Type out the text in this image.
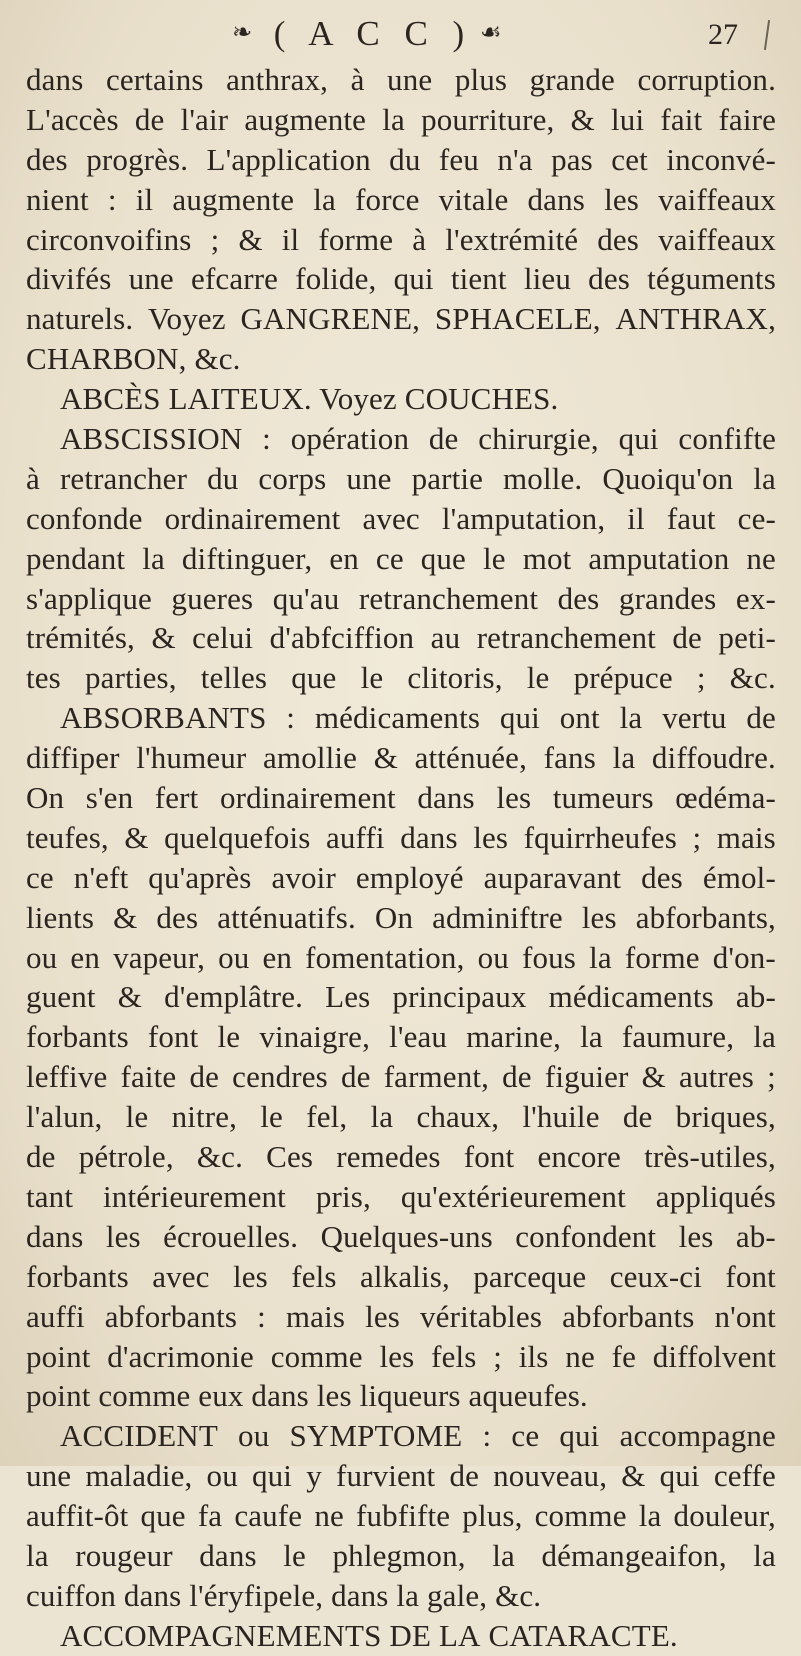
❧ ( A C C ) ☙	27
dans certains anthrax, à une plus grande corruption.
L'accès de l'air augmente la pourriture, & lui fait faire
des progrès. L'application du feu n'a pas cet inconvé-
nient : il augmente la force vitale dans les vaiffeaux
circonvoifins ; & il forme à l'extrémité des vaiffeaux
divifés une efcarre folide, qui tient lieu des téguments
naturels. Voyez GANGRENE, SPHACELE, ANTHRAX,
CHARBON, &c.
ABCÈS LAITEUX. Voyez COUCHES.
ABSCISSION : opération de chirurgie, qui confifte
à retrancher du corps une partie molle. Quoiqu'on la
confonde ordinairement avec l'amputation, il faut ce-
pendant la diftinguer, en ce que le mot amputation ne
s'applique gueres qu'au retranchement des grandes ex-
trémités, & celui d'abfciffion au retranchement de peti-
tes parties, telles que le clitoris, le prépuce ; &c.
ABSORBANTS : médicaments qui ont la vertu de
diffiper l'humeur amollie & atténuée, fans la diffoudre.
On s'en fert ordinairement dans les tumeurs œdéma-
teufes, & quelquefois auffi dans les fquirrheufes ; mais
ce n'eft qu'après avoir employé auparavant des émol-
lients & des atténuatifs. On adminiftre les abforbants,
ou en vapeur, ou en fomentation, ou fous la forme d'on-
guent & d'emplâtre. Les principaux médicaments ab-
forbants font le vinaigre, l'eau marine, la faumure, la
leffive faite de cendres de farment, de figuier & autres ;
l'alun, le nitre, le fel, la chaux, l'huile de briques,
de pétrole, &c. Ces remedes font encore très-utiles,
tant intérieurement pris, qu'extérieurement appliqués
dans les écrouelles. Quelques-uns confondent les ab-
forbants avec les fels alkalis, parceque ceux-ci font
auffi abforbants : mais les véritables abforbants n'ont
point d'acrimonie comme les fels ; ils ne fe diffolvent
point comme eux dans les liqueurs aqueufes.
ACCIDENT ou SYMPTOME : ce qui accompagne
une maladie, ou qui y furvient de nouveau, & qui ceffe
auffit-ôt que fa caufe ne fubfifte plus, comme la douleur,
la rougeur dans le phlegmon, la démangeaifon, la
cuiffon dans l'éryfipele, dans la gale, &c.
ACCOMPAGNEMENTS DE LA CATARACTE.
